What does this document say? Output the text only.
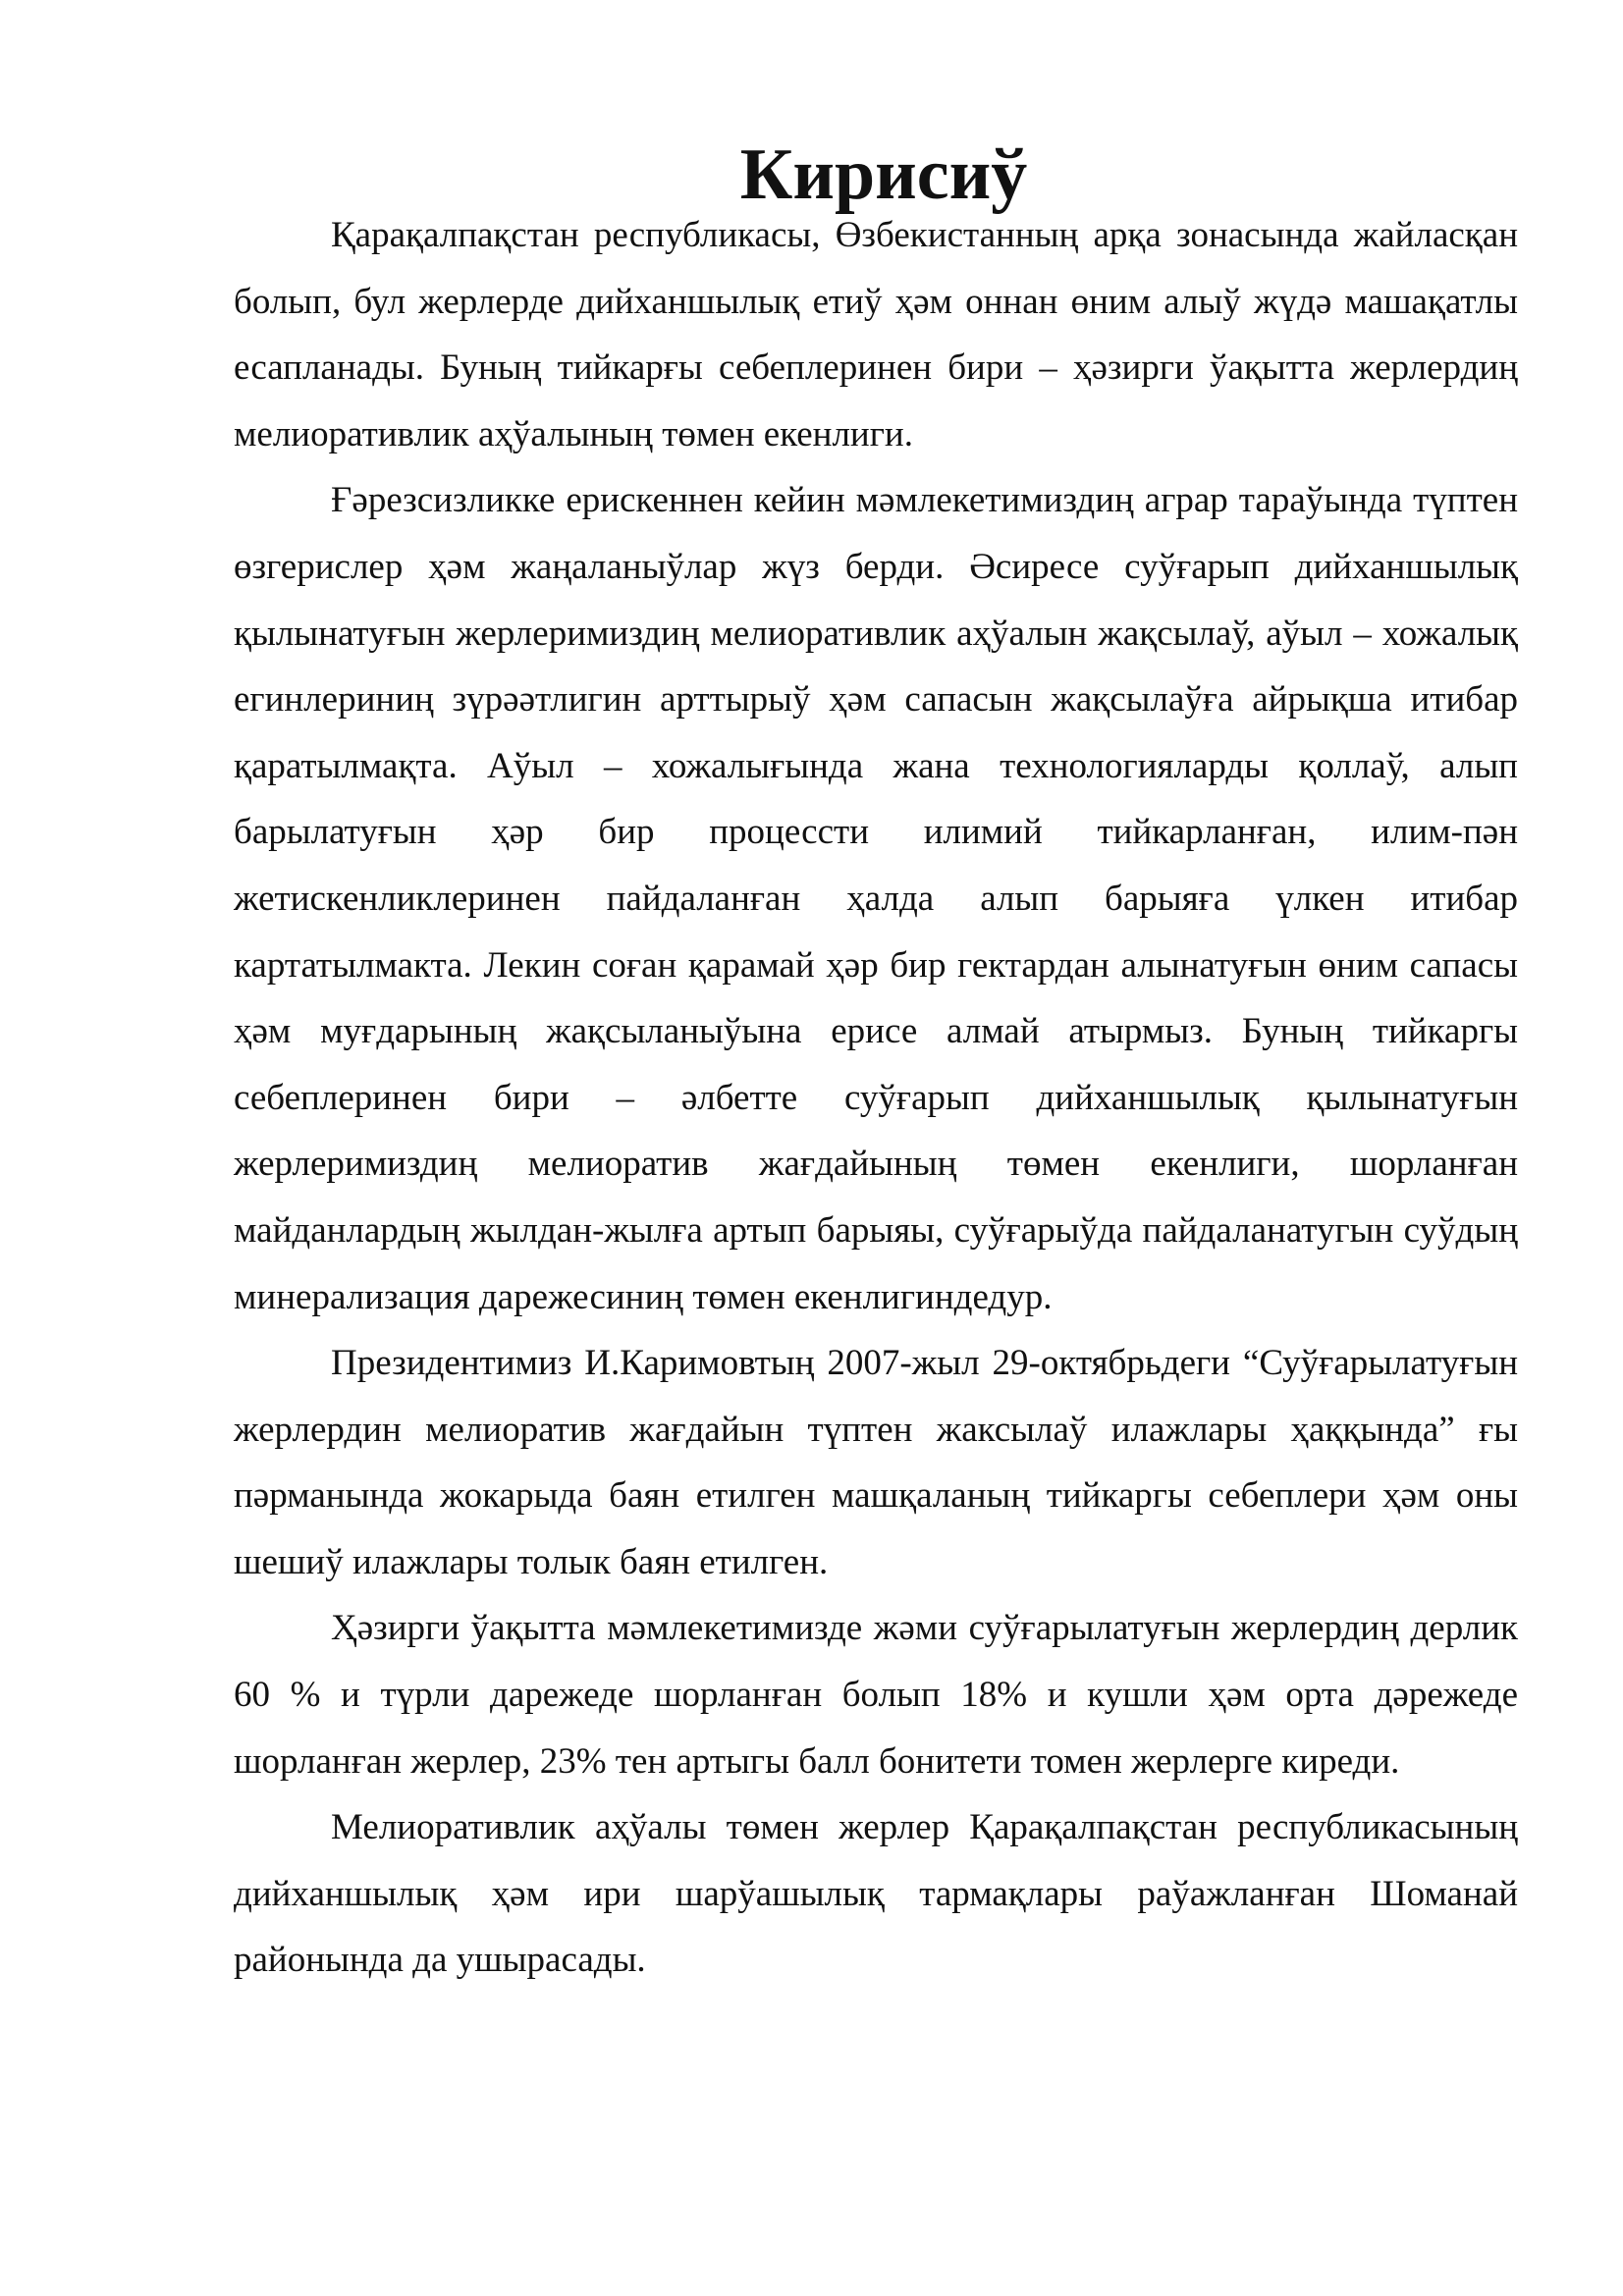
Кирисиў

Қарақалпақстан республикасы, Өзбекистанның арқа зонасында жайласқан болып, бул жерлерде дийханшылық етиў ҳәм оннан өним алыў жүдә машақатлы есапланады. Буның тийкарғы себеплеринен бири – ҳәзирги ўақытта жерлердиң мелиоративлик аҳўалының төмен екенлиги.

Ғәрезсизликке ерискеннен кейин мәмлекетимиздиң аграр тараўында түптен өзгерислер ҳәм жаңаланыўлар жүз берди. Әсиресе суўғарып дийханшылық қылынатуғын жерлеримиздиң мелиоративлик аҳўалын жақсылаў, аўыл – хожалық егинлериниң зүрәәтлигин арттырыў ҳәм сапасын жақсылаўға айрықша итибар қаратылмақта. Аўыл – хожалығында жана технологияларды қоллаў, алып барылатуғын ҳәр бир процессти илимий тийкарланған, илим-пән жетискенликлеринен пайдаланған ҳалда алып барыяға үлкен итибар картатылмакта. Лекин соған қарамай ҳәр бир гектардан алынатуғын өним сапасы ҳәм муғдарының жақсыланыўына ерисе алмай атырмыз. Буның тийкаргы себеплеринен бири – әлбетте суўғарып дийханшылық қылынатуғын жерлеримиздиң мелиоратив жағдайының төмен екенлиги, шорланған майданлардың жылдан-жылға артып барыяы, суўғарыўда пайдаланатугын суўдың минерализация дарежесиниң төмен екенлигиндедур.

Президентимиз И.Каримовтың 2007-жыл 29-октябрьдеги “Суўғарылатуғын жерлердин мелиоратив жағдайын түптен жаксылаў илажлары ҳаққында” ғы пәрманында жокарыда баян етилген машқаланың тийкаргы себеплери ҳәм оны шешиў илажлары толык баян етилген.

Ҳәзирги ўақытта мәмлекетимизде жәми суўғарылатуғын жерлердиң дерлик 60 % и түрли дарежеде шорланған болып 18% и кушли ҳәм орта дәрежеде шорланған жерлер, 23% тен артыгы балл бонитети томен жерлерге киреди.

Мелиоративлик аҳўалы төмен жерлер Қарақалпақстан республикасының дийханшылық ҳәм ири шарўашылық тармақлары раўажланған Шоманай районында да ушырасады.
